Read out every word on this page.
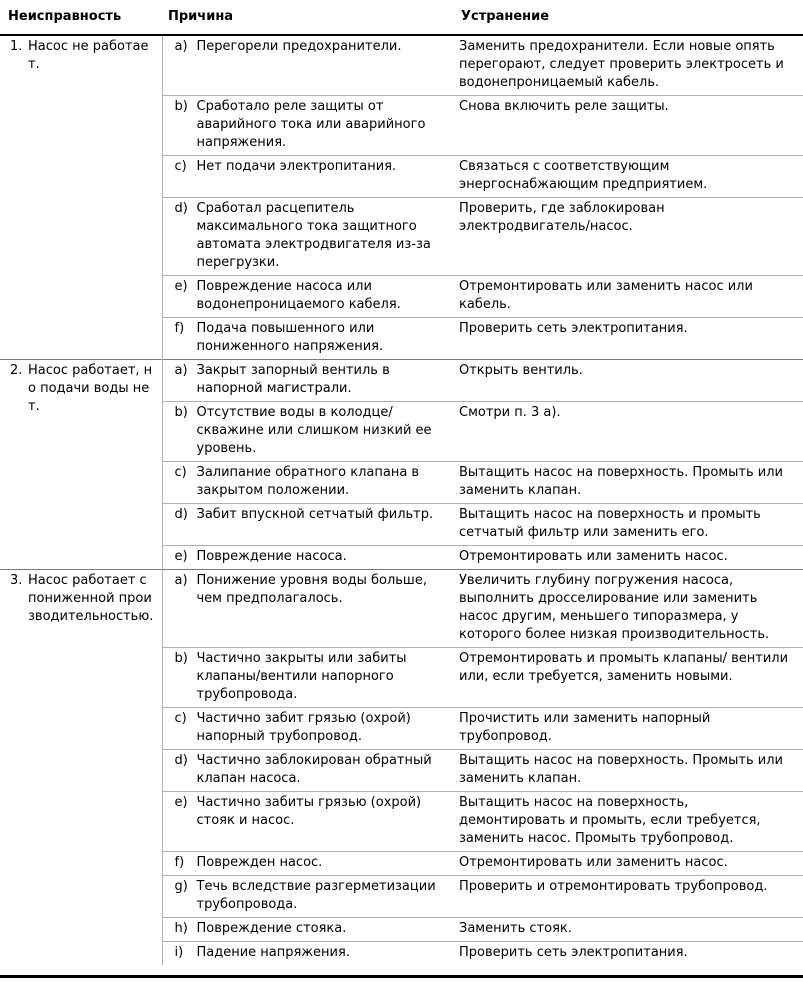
Неисправность	Причина	Устранение

1. Насос не работает.	a) Перегорели предохранители.	Заменить предохранители. Если новые опять перегорают, следует проверить электросеть и водонепроницаемый кабель.

	b) Сработало реле защиты от аварийного тока или аварийного напряжения.	Снова включить реле защиты.

	c) Нет подачи электропитания.	Связаться с соответствующим энергоснабжающим предприятием.

	d) Сработал расцепитель максимального тока защитного автомата электродвигателя из-за перегрузки.	Проверить, где заблокирован электродвигатель/насос.

	e) Повреждение насоса или водонепроницаемого кабеля.	Отремонтировать или заменить насос или кабель.

	f) Подача повышенного или пониженного напряжения.	Проверить сеть электропитания.

2. Насос работает, но подачи воды нет.	a) Закрыт запорный вентиль в напорной магистрали.	Открыть вентиль.

	b) Отсутствие воды в колодце/ скважине или слишком низкий ее уровень.	Смотри п. 3 а).

	c) Залипание обратного клапана в закрытом положении.	Вытащить насос на поверхность. Промыть или заменить клапан.

	d) Забит впускной сетчатый фильтр.	Вытащить насос на поверхность и промыть сетчатый фильтр или заменить его.

	e) Повреждение насоса.	Отремонтировать или заменить насос.

3. Насос работает с пониженной производительностью.	a) Понижение уровня воды больше, чем предполагалось.	Увеличить глубину погружения насоса, выполнить дросселирование или заменить насос другим, меньшего типоразмера, у которого более низкая производительность.

	b) Частично закрыты или забиты клапаны/вентили напорного трубопровода.	Отремонтировать и промыть клапаны/ вентили или, если требуется, заменить новыми.

	c) Частично забит грязью (охрой) напорный трубопровод.	Прочистить или заменить напорный трубопровод.

	d) Частично заблокирован обратный клапан насоса.	Вытащить насос на поверхность. Промыть или заменить клапан.

	e) Частично забиты грязью (охрой) стояк и насос.	Вытащить насос на поверхность, демонтировать и промыть, если требуется, заменить насос. Промыть трубопровод.

	f) Поврежден насос.	Отремонтировать или заменить насос.

	g) Течь вследствие разгерметизации трубопровода.	Проверить и отремонтировать трубопровод.

	h) Повреждение стояка.	Заменить стояк.

	i) Падение напряжения.	Проверить сеть электропитания.
